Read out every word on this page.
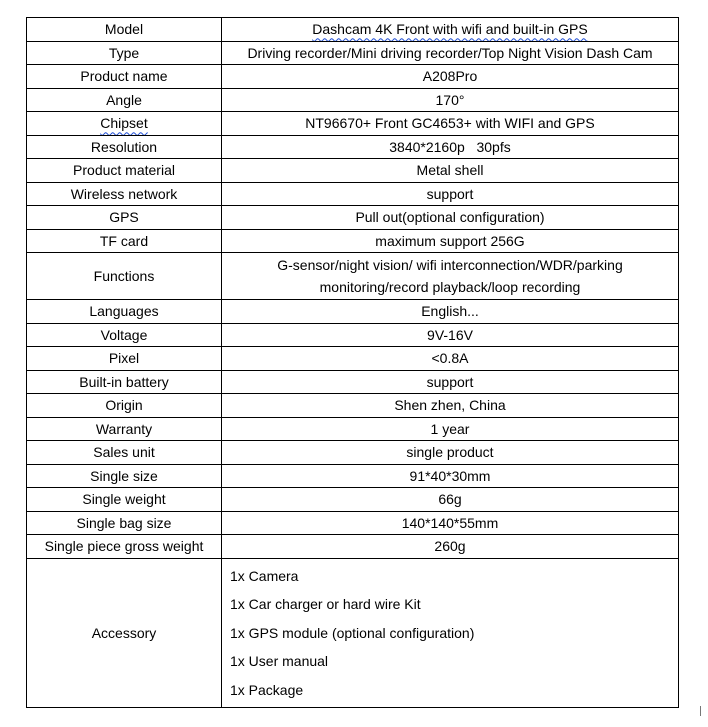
Model	Dashcam 4K Front with wifi and built-in GPS
Type	Driving recorder/Mini driving recorder/Top Night Vision Dash Cam
Product name	A208Pro
Angle	170°
Chipset	NT96670+ Front GC4653+ with WIFI and GPS
Resolution	3840*2160p   30pfs
Product material	Metal shell
Wireless network	support
GPS	Pull out(optional configuration)
TF card	maximum support 256G
Functions	G-sensor/night vision/ wifi interconnection/WDR/parking
monitoring/record playback/loop recording

Languages	English...
Voltage	9V-16V
Pixel	<0.8A
Built-in battery	support
Origin	Shen zhen, China
Warranty	1 year
Sales unit	single product
Single size	91*40*30mm
Single weight	66g
Single bag size	140*140*55mm
Single piece gross weight	260g
Accessory	1x Camera
1x Car charger or hard wire Kit
1x GPS module (optional configuration)
1x User manual
1x Package
